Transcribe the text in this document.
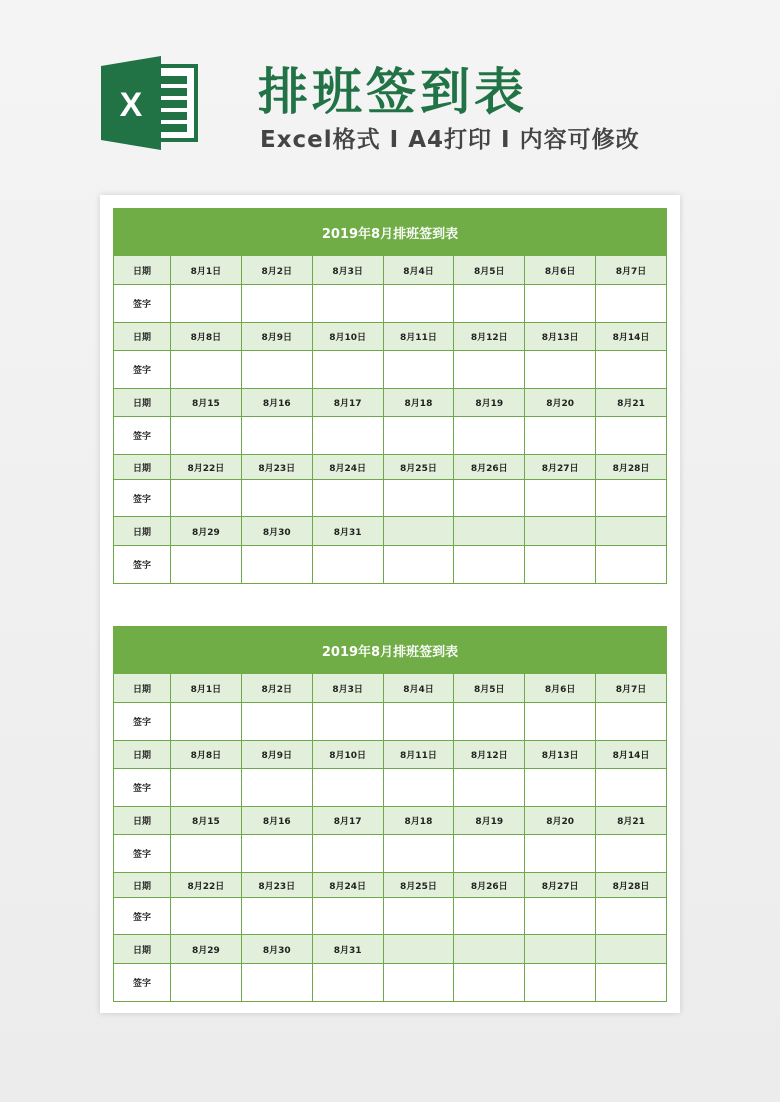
X 排班签到表
Excel格式 I A4打印 I 内容可修改
2019年8月排班签到表							
日期	8月1日	8月2日	8月3日	8月4日	8月5日	8月6日	8月7日
签字							
日期	8月8日	8月9日	8月10日	8月11日	8月12日	8月13日	8月14日
签字							
日期	8月15	8月16	8月17	8月18	8月19	8月20	8月21
签字							
日期	8月22日	8月23日	8月24日	8月25日	8月26日	8月27日	8月28日
签字							
日期	8月29	8月30	8月31				
签字							
2019年8月排班签到表							
日期	8月1日	8月2日	8月3日	8月4日	8月5日	8月6日	8月7日
签字							
日期	8月8日	8月9日	8月10日	8月11日	8月12日	8月13日	8月14日
签字							
日期	8月15	8月16	8月17	8月18	8月19	8月20	8月21
签字							
日期	8月22日	8月23日	8月24日	8月25日	8月26日	8月27日	8月28日
签字							
日期	8月29	8月30	8月31				
签字							
